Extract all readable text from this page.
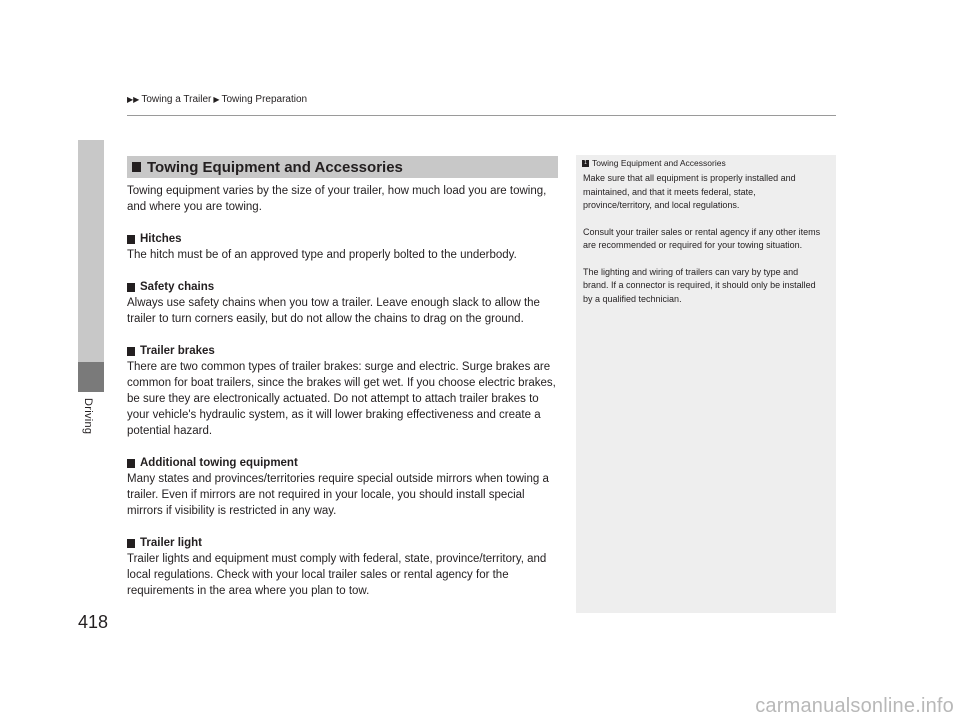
Driving
▶▶ Towing a Trailer ▶ Towing Preparation
Towing Equipment and Accessories

Towing equipment varies by the size of your trailer, how much load you are towing, and where you are towing.

Hitches

The hitch must be of an approved type and properly bolted to the underbody.

Safety chains

Always use safety chains when you tow a trailer. Leave enough slack to allow the trailer to turn corners easily, but do not allow the chains to drag on the ground.

Trailer brakes

There are two common types of trailer brakes: surge and electric. Surge brakes are common for boat trailers, since the brakes will get wet. If you choose electric brakes, be sure they are electronically actuated. Do not attempt to attach trailer brakes to your vehicle's hydraulic system, as it will lower braking effectiveness and create a potential hazard.

Additional towing equipment

Many states and provinces/territories require special outside mirrors when towing a trailer. Even if mirrors are not required in your locale, you should install special mirrors if visibility is restricted in any way.

Trailer light

Trailer lights and equipment must comply with federal, state, province/territory, and local regulations. Check with your local trailer sales or rental agency for the requirements in the area where you plan to tow.

1 Towing Equipment and Accessories

Make sure that all equipment is properly installed and maintained, and that it meets federal, state, province/territory, and local regulations.

Consult your trailer sales or rental agency if any other items are recommended or required for your towing situation.

The lighting and wiring of trailers can vary by type and brand. If a connector is required, it should only be installed by a qualified technician.

418
carmanualsonline.info
